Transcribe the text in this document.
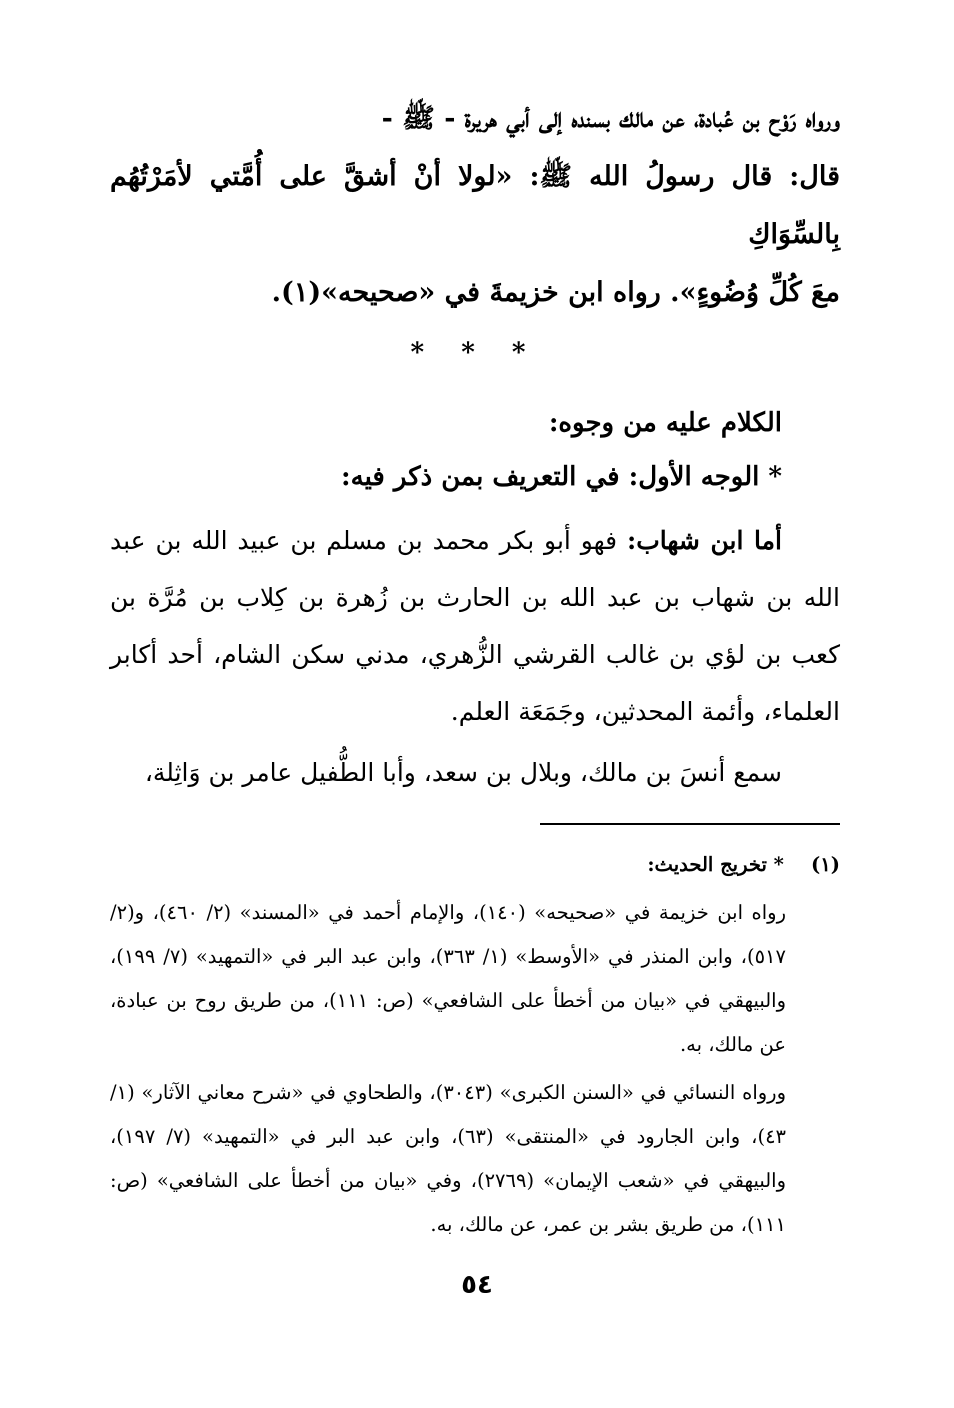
ورواه رَوْح بن عُبادة، عن مالك بسنده إلى أبي هريرة - ﷺ -

قال: قال رسولُ الله ﷺ: «لولا أنْ أشقَّ على أُمَّتي لأمَرْتُهُم بِالسِّوَاكِ

معَ كُلِّ وُضُوءٍ». رواه ابن خزيمةَ في «صحيحه»(١).

* * *

الكلام عليه من وجوه:

* الوجه الأول: في التعريف بمن ذكر فيه:

أما ابن شهاب: فهو أبو بكر محمد بن مسلم بن عبيد الله بن عبد الله بن شهاب بن عبد الله بن الحارث بن زُهرة بن كِلاب بن مُرَّة بن كعب بن لؤي بن غالب القرشي الزُّهري، مدني سكن الشام، أحد أكابر العلماء، وأئمة المحدثين، وجَمَعَة العلم.

سمع أنسَ بن مالك، وبلال بن سعد، وأبا الطُّفيل عامر بن وَاثِلة،

(١)    * تخريج الحديث:

رواه ابن خزيمة في «صحيحه» (١٤٠)، والإمام أحمد في «المسند» (٢/ ٤٦٠)، و(٢/ ٥١٧)، وابن المنذر في «الأوسط» (١/ ٣٦٣)، وابن عبد البر في «التمهيد» (٧/ ١٩٩)، والبيهقي في «بيان من أخطأ على الشافعي» (ص: ١١١)، من طريق روح بن عبادة، عن مالك، به.

ورواه النسائي في «السنن الكبرى» (٣٠٤٣)، والطحاوي في «شرح معاني الآثار» (١/ ٤٣)، وابن الجارود في «المنتقى» (٦٣)، وابن عبد البر في «التمهيد» (٧/ ١٩٧)، والبيهقي في «شعب الإيمان» (٢٧٦٩)، وفي «بيان من أخطأ على الشافعي» (ص: ١١١)، من طريق بشر بن عمر، عن مالك، به.

٥٤
